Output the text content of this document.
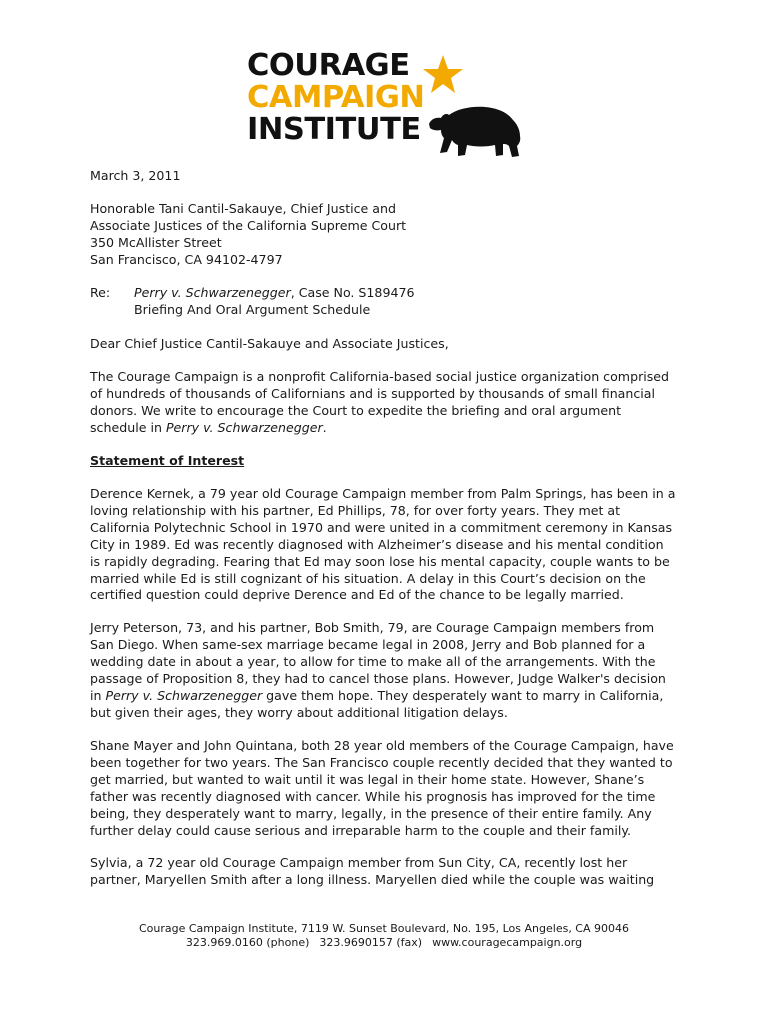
COURAGE
CAMPAIGN
INSTITUTE
March 3, 2011

Honorable Tani Cantil-Sakauye, Chief Justice and

Associate Justices of the California Supreme Court

350 McAllister Street

San Francisco, CA 94102-4797

Re:	Perry v. Schwarzenegger, Case No. S189476
Briefing And Oral Argument Schedule
Dear Chief Justice Cantil-Sakauye and Associate Justices,

The Courage Campaign is a nonprofit California-based social justice organization comprised

of hundreds of thousands of Californians and is supported by thousands of small financial

donors. We write to encourage the Court to expedite the briefing and oral argument

schedule in Perry v. Schwarzenegger.

Statement of Interest

Derence Kernek, a 79 year old Courage Campaign member from Palm Springs, has been in a

loving relationship with his partner, Ed Phillips, 78, for over forty years. They met at

California Polytechnic School in 1970 and were united in a commitment ceremony in Kansas

City in 1989. Ed was recently diagnosed with Alzheimer’s disease and his mental condition

is rapidly degrading. Fearing that Ed may soon lose his mental capacity, couple wants to be

married while Ed is still cognizant of his situation. A delay in this Court’s decision on the

certified question could deprive Derence and Ed of the chance to be legally married.

Jerry Peterson, 73, and his partner, Bob Smith, 79, are Courage Campaign members from

San Diego. When same-sex marriage became legal in 2008, Jerry and Bob planned for a

wedding date in about a year, to allow for time to make all of the arrangements. With the

passage of Proposition 8, they had to cancel those plans. However, Judge Walker's decision

in Perry v. Schwarzenegger gave them hope. They desperately want to marry in California,

but given their ages, they worry about additional litigation delays.

Shane Mayer and John Quintana, both 28 year old members of the Courage Campaign, have

been together for two years. The San Francisco couple recently decided that they wanted to

get married, but wanted to wait until it was legal in their home state. However, Shane’s

father was recently diagnosed with cancer. While his prognosis has improved for the time

being, they desperately want to marry, legally, in the presence of their entire family. Any

further delay could cause serious and irreparable harm to the couple and their family.

Sylvia, a 72 year old Courage Campaign member from Sun City, CA, recently lost her

partner, Maryellen Smith after a long illness. Maryellen died while the couple was waiting

Courage Campaign Institute, 7119 W. Sunset Boulevard, No. 195, Los Angeles, CA 90046
323.969.0160 (phone) 323.9690157 (fax) www.couragecampaign.org
